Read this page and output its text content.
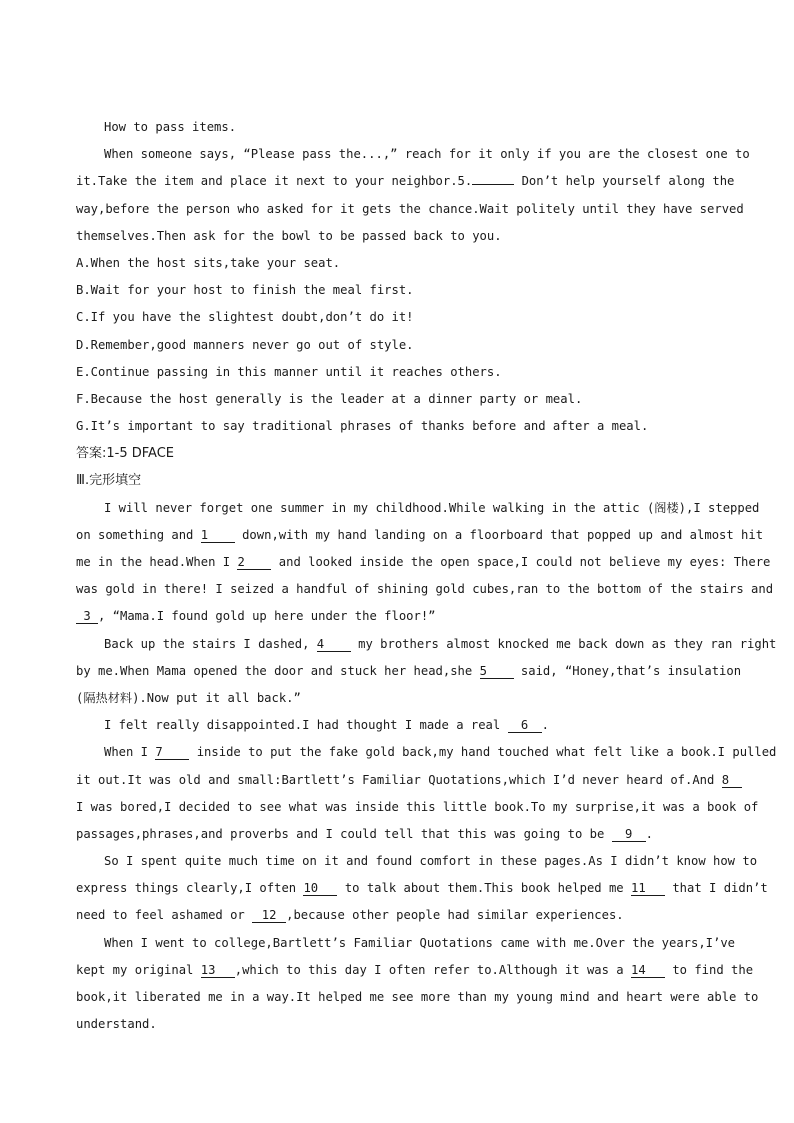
How to pass items.
When someone says, “Please pass the...,” reach for it only if you are the closest one to
it.Take the item and place it next to your neighbor.5.	Don’t help yourself along the
way,before the person who asked for it gets the chance.Wait politely until they have served
themselves.Then ask for the bowl to be passed back to you.
A.When the host sits,take your seat.
B.Wait for your host to finish the meal first.
C.If you have the slightest doubt,don’t do it!
D.Remember,good manners never go out of style.
E.Continue passing in this manner until it reaches others.
F.Because the host generally is the leader at a dinner party or meal.
G.It’s important to say traditional phrases of thanks before and after a meal.
答案:1-5 DFACE
Ⅲ.完形填空
I will never forget one summer in my childhood.While walking in the attic (阁楼),I stepped
on something and 1	down,with my hand landing on a floorboard that popped up and almost hit
me in the head.When I 2	and looked inside the open space,I could not believe my eyes: There
was gold in there! I seized a handful of shining gold cubes,ran to the bottom of the stairs and
3 , “Mama.I found gold up here under the floor!”
Back up the stairs I dashed, 4	my brothers almost knocked me back down as they ran right
by me.When Mama opened the door and stuck her head,she 5	said, “Honey,that’s insulation
(隔热材料).Now put it all back.”
I felt really disappointed.I had thought I made a real 6 .
When I 7	inside to put the fake gold back,my hand touched what felt like a book.I pulled
it out.It was old and small:Bartlett’s Familiar Quotations,which I’d never heard of.And 8
I was bored,I decided to see what was inside this little book.To my surprise,it was a book of
passages,phrases,and proverbs and I could tell that this was going to be 9 .
So I spent quite much time on it and found comfort in these pages.As I didn’t know how to
express things clearly,I often 10 to talk about them.This book helped me 11 that I didn’t
need to feel ashamed or 12 ,because other people had similar experiences.
When I went to college,Bartlett’s Familiar Quotations came with me.Over the years,I’ve
kept my original 13 ,which to this day I often refer to.Although it was a 14 to find the
book,it liberated me in a way.It helped me see more than my young mind and heart were able to
understand.
